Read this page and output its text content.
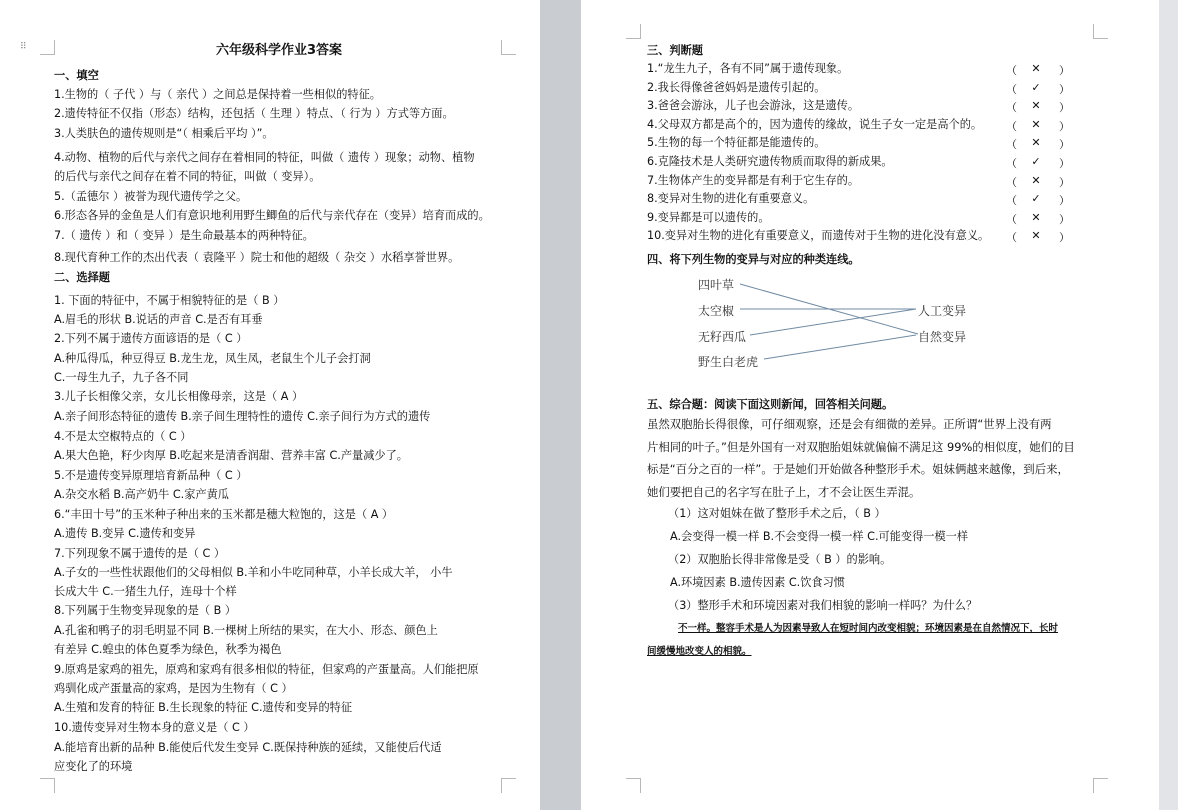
⠿	六年级科学作业3答案
一、填空
1.生物的（ 子代 ）与（ 亲代 ）之间总是保持着一些相似的特征。
2.遗传特征不仅指（形态）结构，还包括（ 生理 ）特点、（ 行为 ）方式等方面。
3.人类肤色的遗传规则是“（ 相乘后平均 ）”。
4.动物、植物的后代与亲代之间存在着相同的特征，叫做（ 遗传 ）现象；动物、植物
的后代与亲代之间存在着不同的特征，叫做（ 变异）。
5.（孟德尔 ）被誉为现代遗传学之父。
6.形态各异的金鱼是人们有意识地利用野生鲫鱼的后代与亲代存在（变异）培育而成的。
7.（ 遗传 ）和（ 变异 ）是生命最基本的两种特征。
8.现代育种工作的杰出代表（ 袁隆平 ）院士和他的超级（ 杂交 ）水稻享誉世界。
二、选择题
1. 下面的特征中，不属于相貌特征的是（ B ）
A.眉毛的形状 B.说话的声音 C.是否有耳垂
2.下列不属于遗传方面谚语的是（ C ）
A.种瓜得瓜，种豆得豆 B.龙生龙，凤生凤，老鼠生个儿子会打洞
C.一母生九子，九子各不同
3.儿子长相像父亲，女儿长相像母亲，这是（ A ）
A.亲子间形态特征的遗传 B.亲子间生理特性的遗传 C.亲子间行为方式的遗传
4.不是太空椒特点的（ C ）
A.果大色艳，籽少肉厚 B.吃起来是清香润甜、营养丰富 C.产量减少了。
5.不是遗传变异原理培育新品种（ C ）
A.杂交水稻 B.高产奶牛 C.家产黄瓜
6.“丰田十号”的玉米种子种出来的玉米都是穗大粒饱的，这是（ A ）
A.遗传 B.变异 C.遗传和变异
7.下列现象不属于遗传的是（ C ）
A.子女的一些性状跟他们的父母相似 B.羊和小牛吃同种草，小羊长成大羊， 小牛
长成大牛 C.一猪生九仔，连母十个样
8.下列属于生物变异现象的是（ B ）
A.孔雀和鸭子的羽毛明显不同 B.一棵树上所结的果实，在大小、形态、颜色上
有差异 C.蝗虫的体色夏季为绿色，秋季为褐色
9.原鸡是家鸡的祖先，原鸡和家鸡有很多相似的特征，但家鸡的产蛋量高。人们能把原
鸡驯化成产蛋量高的家鸡，是因为生物有（ C ）
A.生殖和发育的特征 B.生长现象的特征 C.遗传和变异的特征
10.遗传变异对生物本身的意义是（ C ）
A.能培育出新的品种 B.能使后代发生变异 C.既保持种族的延续，又能使后代适
应变化了的环境
三、判断题
1.“龙生九子，各有不同”属于遗传现象。	（ ✕ ）
2.我长得像爸爸妈妈是遗传引起的。	（ ✓ ）
3.爸爸会游泳，儿子也会游泳，这是遗传。	（ ✕ ）
4.父母双方都是高个的，因为遗传的缘故，说生子女一定是高个的。 （ ✕ ）
5.生物的每一个特征都是能遗传的。	（ ✕ ）
6.克隆技术是人类研究遗传物质而取得的新成果。	（ ✓ ）
7.生物体产生的变异都是有利于它生存的。	（ ✕ ）
8.变异对生物的进化有重要意义。	（ ✓ ）
9.变异都是可以遗传的。	（ ✕ ）
10.变异对生物的进化有重要意义，而遗传对于生物的进化没有意义。 （ ✕ ）
四、将下列生物的变异与对应的种类连线。
四叶草
太空椒
无籽西瓜
野生白老虎
人工变异
自然变异
五、综合题：阅读下面这则新闻，回答相关问题。
虽然双胞胎长得很像，可仔细观察，还是会有细微的差异。正所谓“世界上没有两
片相同的叶子。”但是外国有一对双胞胎姐妹就偏偏不满足这 99%的相似度，她们的目
标是“百分之百的一样”。于是她们开始做各种整形手术。姐妹俩越来越像，到后来，
她们要把自己的名字写在肚子上，才不会让医生弄混。
（1）这对姐妹在做了整形手术之后，（ B ）
A.会变得一模一样 B.不会变得一模一样 C.可能变得一模一样
（2）双胞胎长得非常像是受（ B ）的影响。
A.环境因素 B.遗传因素 C.饮食习惯
（3）整形手术和环境因素对我们相貌的影响一样吗？为什么？
不一样。整容手术是人为因素导致人在短时间内改变相貌；环境因素是在自然情况下，长时
间缓慢地改变人的相貌。
